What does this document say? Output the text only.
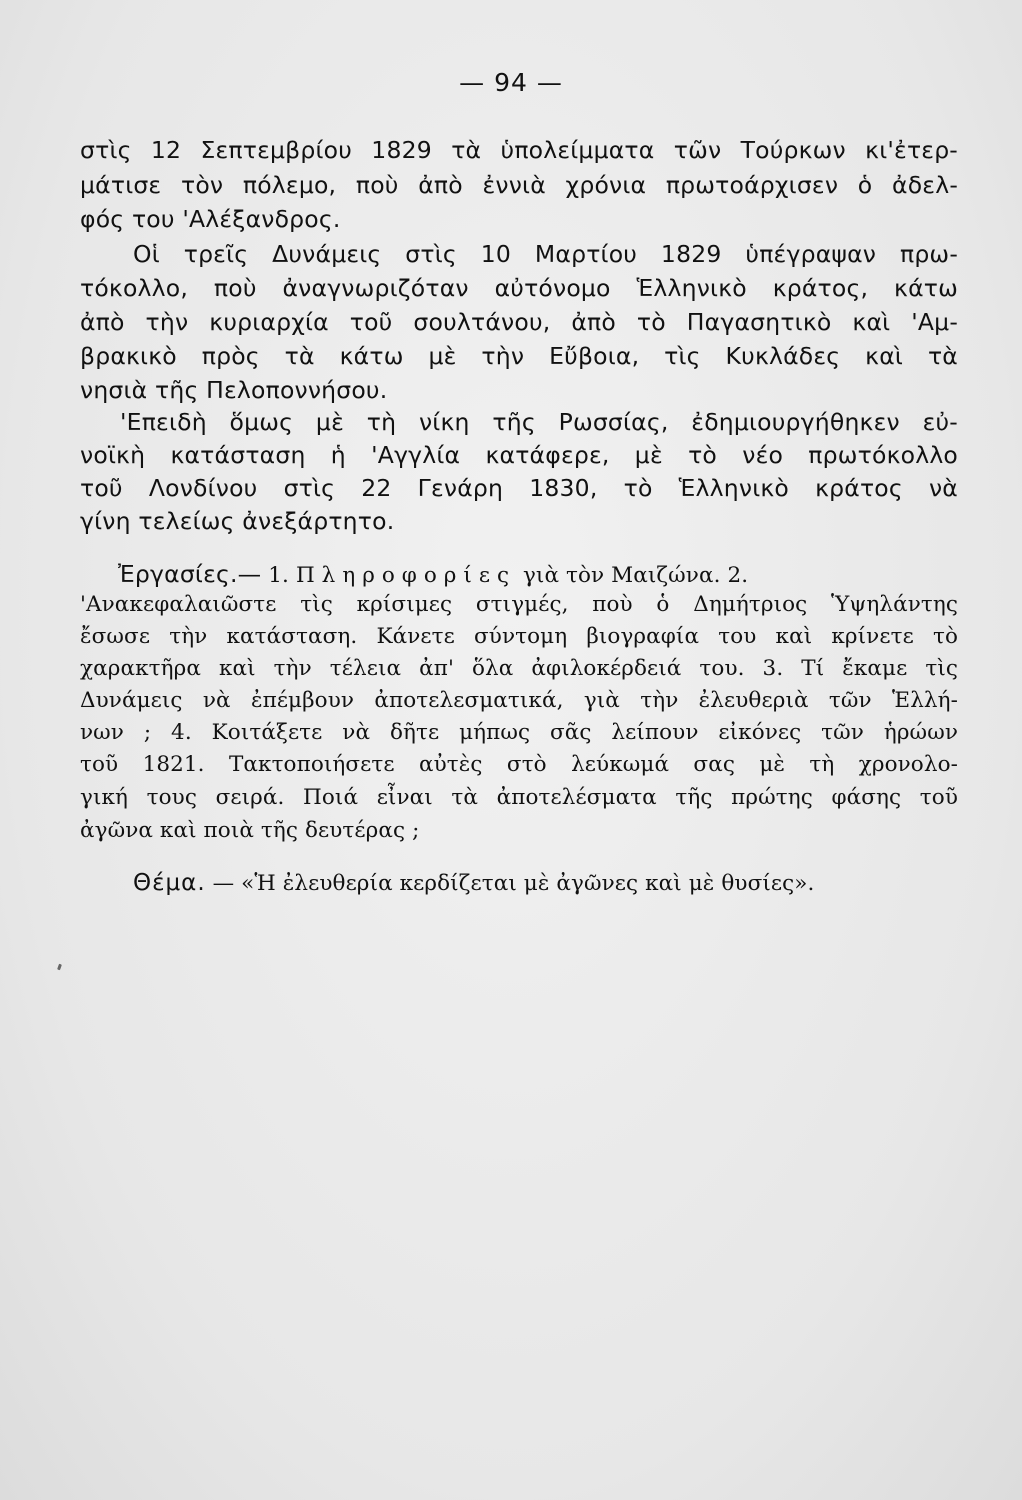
— 94 —

στὶς 12 Σεπτεμβρίου 1829 τὰ ὑπολείμματα τῶν Τούρκων κι'ἐτερ-

μάτισε τὸν πόλεμο, ποὺ ἀπὸ ἐννιὰ χρόνια πρωτοάρχισεν ὁ ἀδελ-

φός του 'Αλέξανδρος.

Οἱ τρεῖς Δυνάμεις στὶς 10 Μαρτίου 1829 ὑπέγραψαν πρω-

τόκολλο, ποὺ ἀναγνωριζόταν αὐτόνομο Ἑλληνικὸ κράτος, κάτω

ἀπὸ τὴν κυριαρχία τοῦ σουλτάνου, ἀπὸ τὸ Παγασητικὸ καὶ 'Αμ-

βρακικὸ πρὸς τὰ κάτω μὲ τὴν Εὔβοια, τὶς Κυκλάδες καὶ τὰ

νησιὰ τῆς Πελοποννήσου.

'Επειδὴ ὅμως μὲ τὴ νίκη τῆς Ρωσσίας, ἐδημιουργήθηκεν εὐ-

νοϊκὴ κατάσταση ἡ 'Αγγλία κατάφερε, μὲ τὸ νέο πρωτόκολλο

τοῦ Λονδίνου στὶς 22 Γενάρη 1830, τὸ Ἑλληνικὸ κράτος νὰ

γίνη τελείως ἀνεξάρτητο.

Ἐργασίες.— 1. Πληροφορίες γιὰ τὸν Μαιζώνα. 2.

'Ανακεφαλαιῶστε τὶς κρίσιμες στιγμές, ποὺ ὁ Δημήτριος Ὑψηλάντης

ἔσωσε τὴν κατάσταση. Κάνετε σύντομη βιογραφία του καὶ κρίνετε τὸ

χαρακτῆρα καὶ τὴν τέλεια ἀπ' ὅλα ἀφιλοκέρδειά του. 3. Τί ἔκαμε τὶς

Δυνάμεις νὰ ἐπέμβουν ἀποτελεσματικά, γιὰ τὴν ἐλευθεριὰ τῶν Ἑλλή-

νων ; 4. Κοιτάξετε νὰ δῆτε μήπως σᾶς λείπουν εἰκόνες τῶν ἡρώων

τοῦ 1821. Τακτοποιήσετε αὐτὲς στὸ λεύκωμά σας μὲ τὴ χρονολο-

γική τους σειρά. Ποιά εἶναι τὰ ἀποτελέσματα τῆς πρώτης φάσης τοῦ

ἀγῶνα καὶ ποιὰ τῆς δευτέρας ;

Θέμα. — «Ἡ ἐλευθερία κερδίζεται μὲ ἀγῶνες καὶ μὲ θυσίες».
